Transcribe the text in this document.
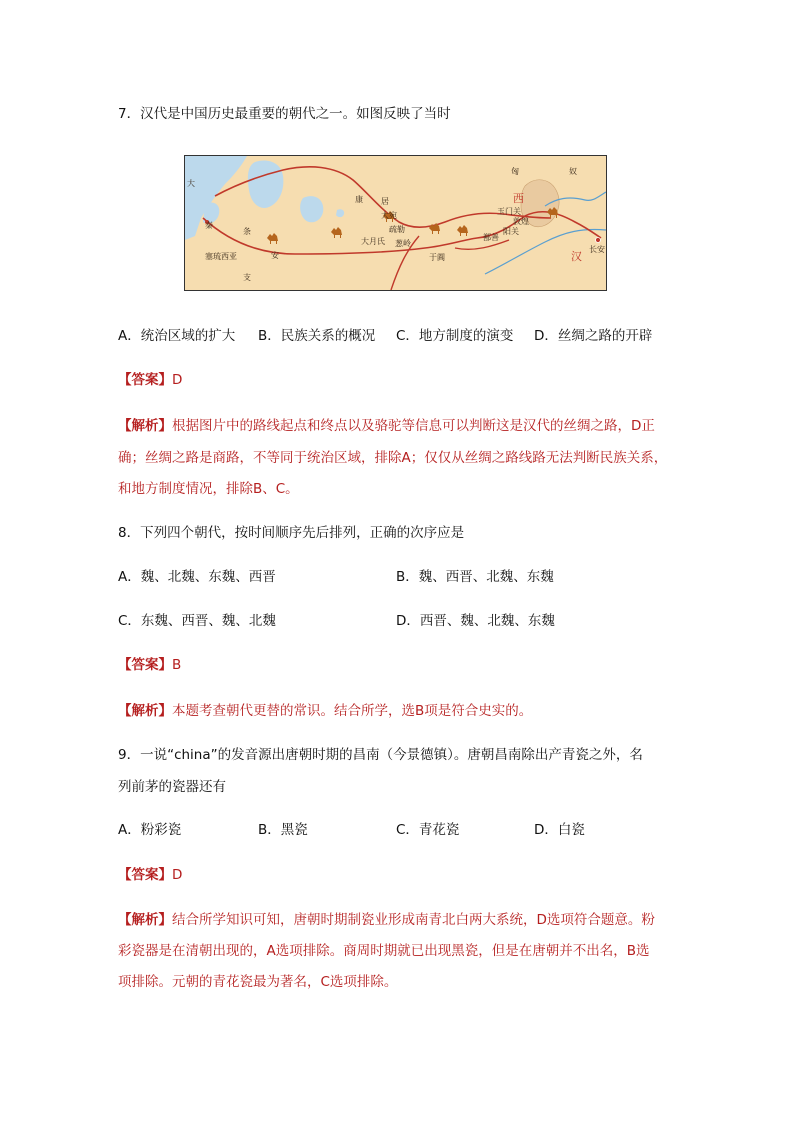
7．汉代是中国历史最重要的朝代之一。如图反映了当时
大
匈	奴
秦
条
安
支
塞琉西亚
康 居
大宛
疏勒
葱岭
大月氏
于阗
西
汉
玉门关
敦煌
阳关
鄯善
长安
A．统治区域的扩大 B．民族关系的概况 C．地方制度的演变 D．丝绸之路的开辟
【答案】D
【解析】根据图片中的路线起点和终点以及骆驼等信息可以判断这是汉代的丝绸之路，D正
确；丝绸之路是商路，不等同于统治区域，排除A；仅仅从丝绸之路线路无法判断民族关系，
和地方制度情况，排除B、C。
8．下列四个朝代，按时间顺序先后排列，正确的次序应是
A．魏、北魏、东魏、西晋	B．魏、西晋、北魏、东魏
C．东魏、西晋、魏、北魏	D．西晋、魏、北魏、东魏
【答案】B
【解析】本题考查朝代更替的常识。结合所学，选B项是符合史实的。
9．一说“china”的发音源出唐朝时期的昌南（今景德镇）。唐朝昌南除出产青瓷之外，名
列前茅的瓷器还有
A．粉彩瓷	B．黑瓷	C．青花瓷	D．白瓷
【答案】D
【解析】结合所学知识可知，唐朝时期制瓷业形成南青北白两大系统，D选项符合题意。粉
彩瓷器是在清朝出现的，A选项排除。商周时期就已出现黑瓷，但是在唐朝并不出名，B选
项排除。元朝的青花瓷最为著名，C选项排除。
